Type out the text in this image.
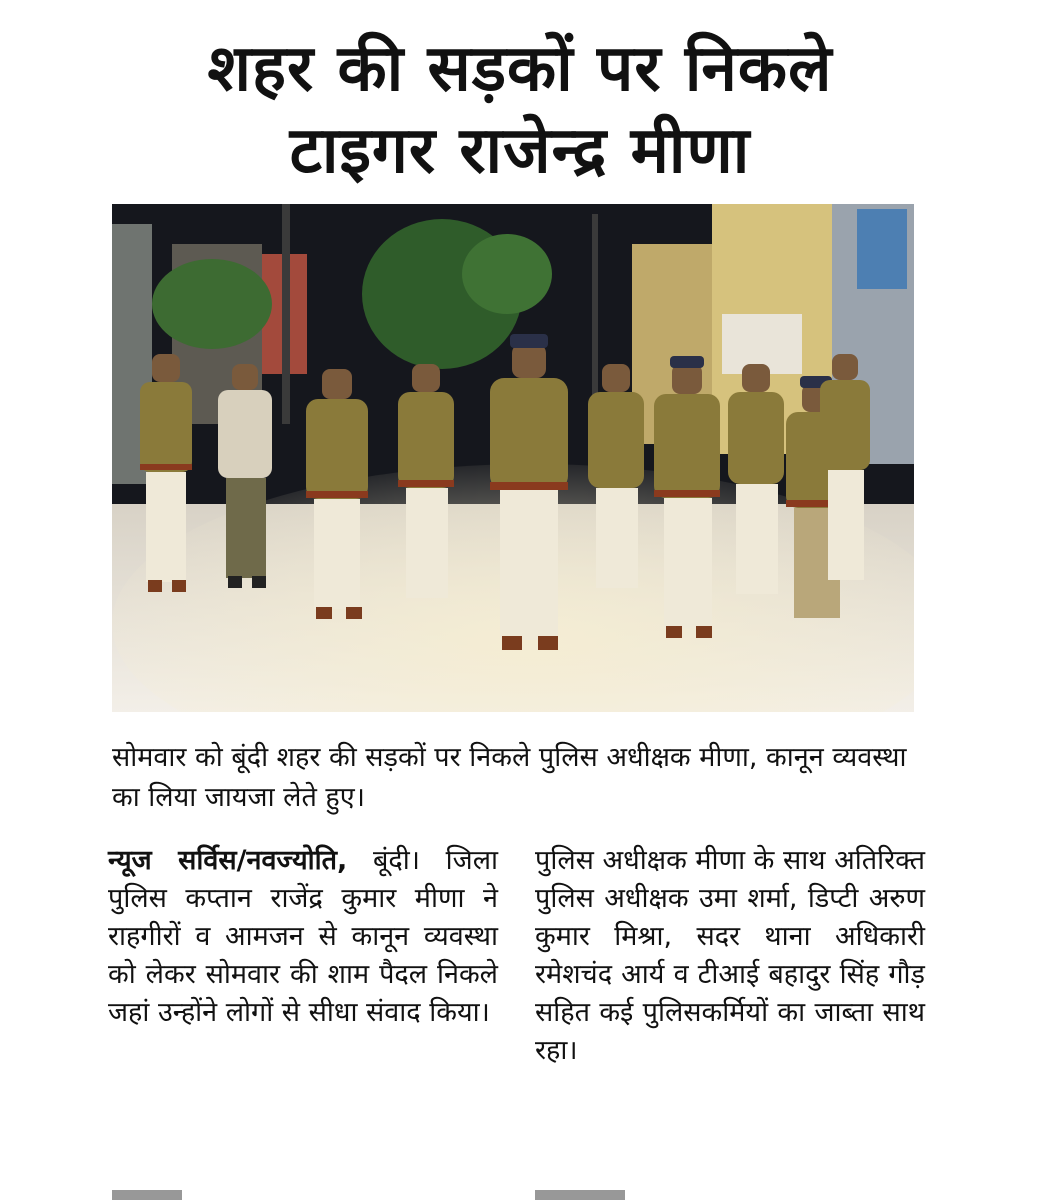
शहर की सड़कों पर निकले
टाइगर राजेन्द्र मीणा

सोमवार को बूंदी शहर की सड़कों पर निकले पुलिस अधीक्षक मीणा, कानून व्यवस्था का लिया जायजा लेते हुए।

न्यूज सर्विस/नवज्योति, बूंदी। जिला पुलिस कप्तान राजेंद्र कुमार मीणा ने राहगीरों व आमजन से कानून व्यवस्था को लेकर सोमवार की शाम पैदल निकले जहां उन्होंने लोगों से सीधा संवाद किया।

पुलिस अधीक्षक मीणा के साथ अतिरिक्त पुलिस अधीक्षक उमा शर्मा, डिप्टी अरुण कुमार मिश्रा, सदर थाना अधिकारी रमेशचंद आर्य व टीआई बहादुर सिंह गौड़ सहित कई पुलिसकर्मियों का जाब्ता साथ रहा।
